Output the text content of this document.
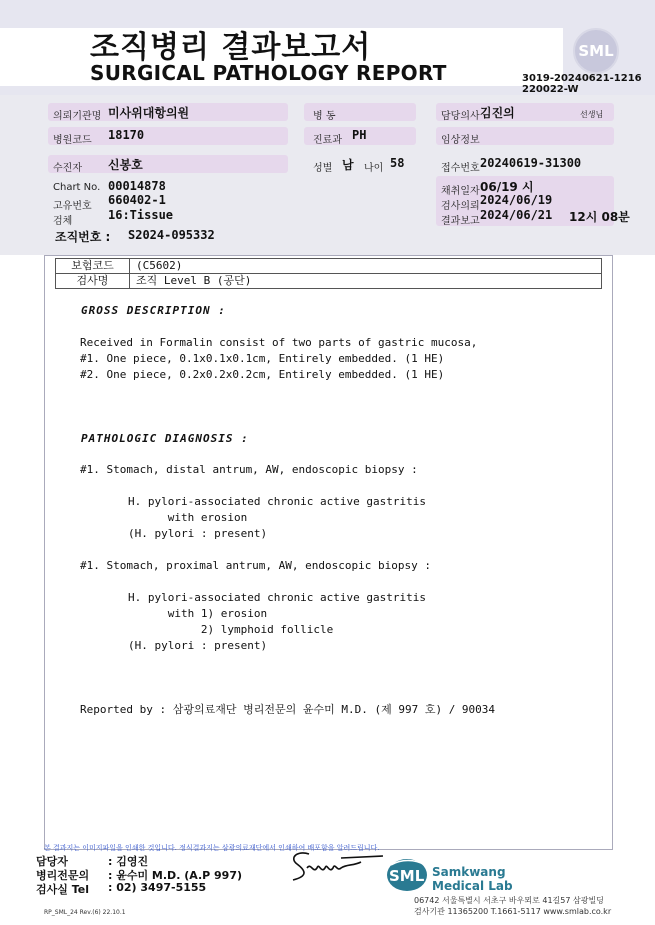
조직병리 결과보고서
SURGICAL PATHOLOGY REPORT
SML
3019-20240621-1216
220022-W
의뢰기관명 미사위대항의원	병 동	담당의사 김진의	선생님
병원코드 18170	진료과 PH	임상정보
수진자 신봉호	성별 남 나이 58	접수번호 20240619-31300
Chart No. 00014878
고유번호 660402-1
검체	16:Tissue
조직번호 : S2024-095332
채취일자 06/19 시
검사의뢰 2024/06/19
결과보고 2024/06/21 12시 08분
보험코드	(C5602)
검사명	조직 Level B (공단)
GROSS DESCRIPTION :
Received in Formalin consist of two parts of gastric mucosa,
#1. One piece, 0.1x0.1x0.1cm, Entirely embedded. (1 HE)
#2. One piece, 0.2x0.2x0.2cm, Entirely embedded. (1 HE)
PATHOLOGIC DIAGNOSIS :
#1. Stomach, distal antrum, AW, endoscopic biopsy :
H. pylori-associated chronic active gastritis
with erosion
(H. pylori : present)
#1. Stomach, proximal antrum, AW, endoscopic biopsy :
H. pylori-associated chronic active gastritis
with 1) erosion
2) lymphoid follicle
(H. pylori : present)
Reported by : 삼광의료재단 병리전문의 윤수미 M.D. (제 997 호) / 90034
본 결과지는 이미지파일을 인쇄한 것입니다. 정식결과지는 삼광의료재단에서 인쇄하여 배포함을 알려드립니다.
담당자	: 김영진
병리전문의 : 윤수미 M.D. (A.P 997)
검사실 Tel : 02) 3497-5155
RP_SML_24 Rev.(6) 22.10.1
SML Samkwang
Medical Lab
06742 서울특별시 서초구 바우뫼로 41길57 삼광빌딩
검사기관 11365200 T.1661-5117 www.smlab.co.kr
